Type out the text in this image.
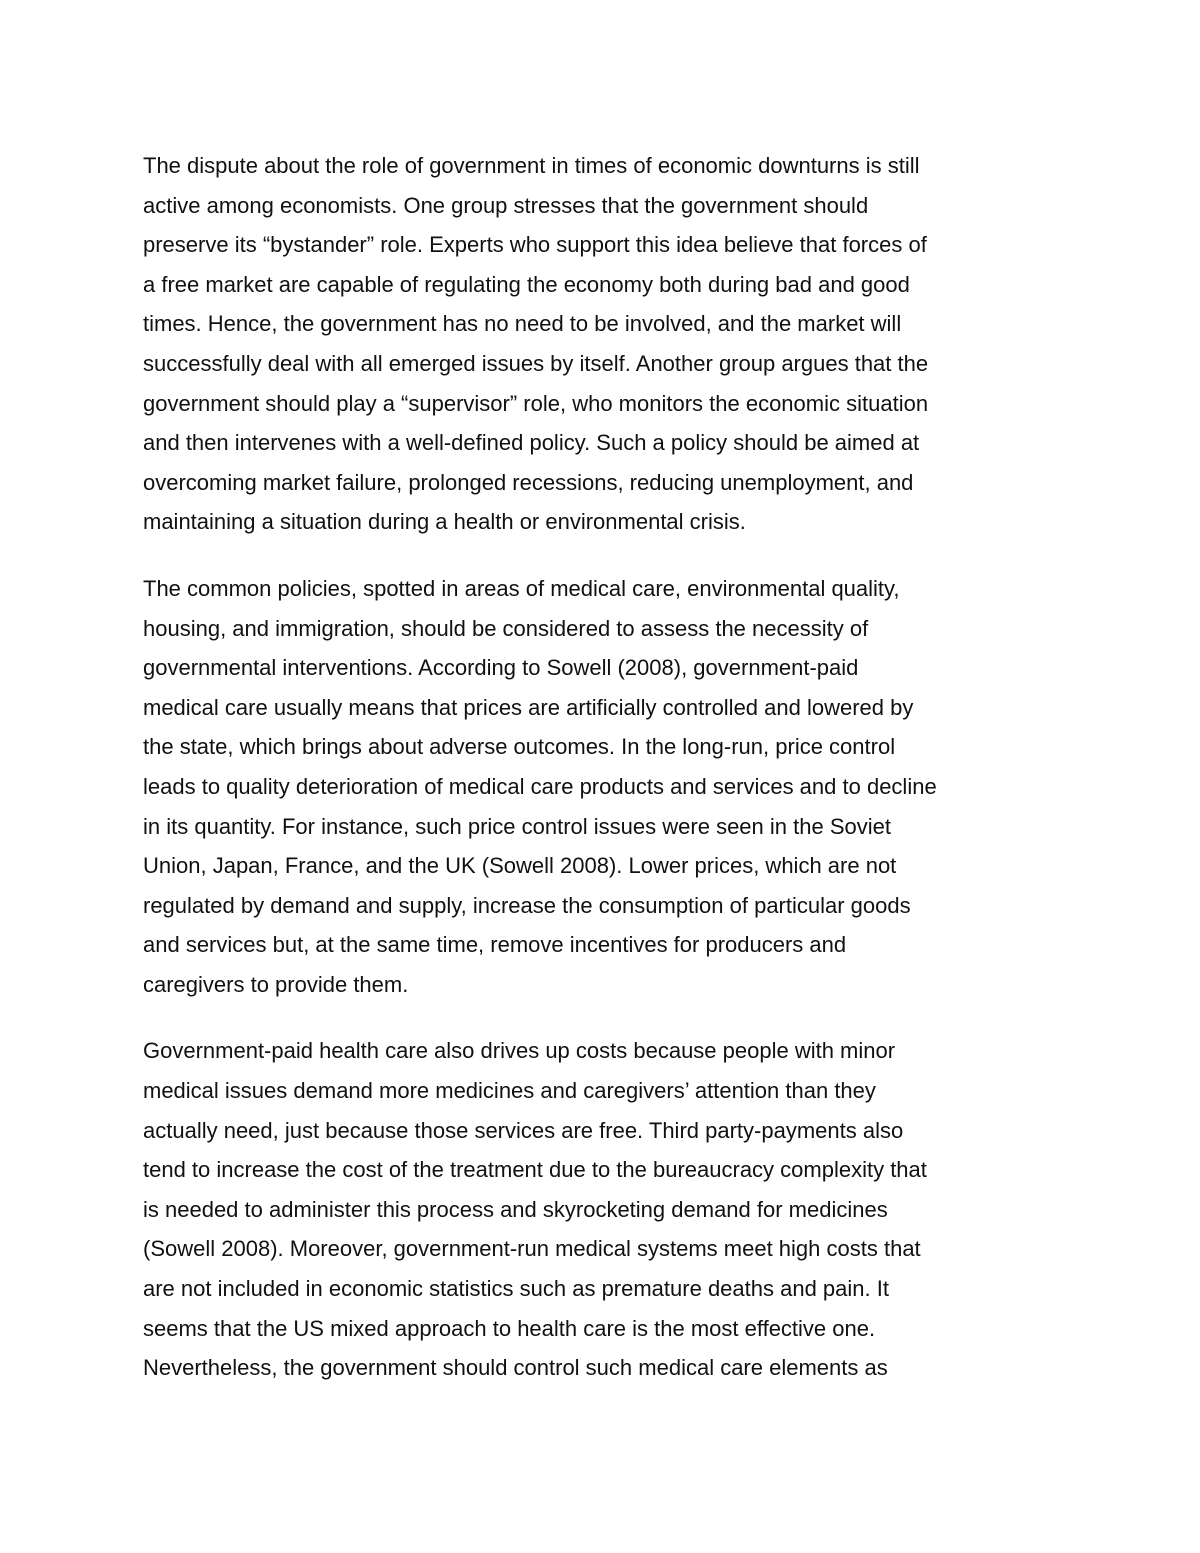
The dispute about the role of government in times of economic downturns is still
active among economists. One group stresses that the government should
preserve its “bystander” role. Experts who support this idea believe that forces of
a free market are capable of regulating the economy both during bad and good
times. Hence, the government has no need to be involved, and the market will
successfully deal with all emerged issues by itself. Another group argues that the
government should play a “supervisor” role, who monitors the economic situation
and then intervenes with a well-defined policy. Such a policy should be aimed at
overcoming market failure, prolonged recessions, reducing unemployment, and
maintaining a situation during a health or environmental crisis.

The common policies, spotted in areas of medical care, environmental quality,
housing, and immigration, should be considered to assess the necessity of
governmental interventions. According to Sowell (2008), government-paid
medical care usually means that prices are artificially controlled and lowered by
the state, which brings about adverse outcomes. In the long-run, price control
leads to quality deterioration of medical care products and services and to decline
in its quantity. For instance, such price control issues were seen in the Soviet
Union, Japan, France, and the UK (Sowell 2008). Lower prices, which are not
regulated by demand and supply, increase the consumption of particular goods
and services but, at the same time, remove incentives for producers and
caregivers to provide them.

Government-paid health care also drives up costs because people with minor
medical issues demand more medicines and caregivers’ attention than they
actually need, just because those services are free. Third party-payments also
tend to increase the cost of the treatment due to the bureaucracy complexity that
is needed to administer this process and skyrocketing demand for medicines
(Sowell 2008). Moreover, government-run medical systems meet high costs that
are not included in economic statistics such as premature deaths and pain. It
seems that the US mixed approach to health care is the most effective one.
Nevertheless, the government should control such medical care elements as
